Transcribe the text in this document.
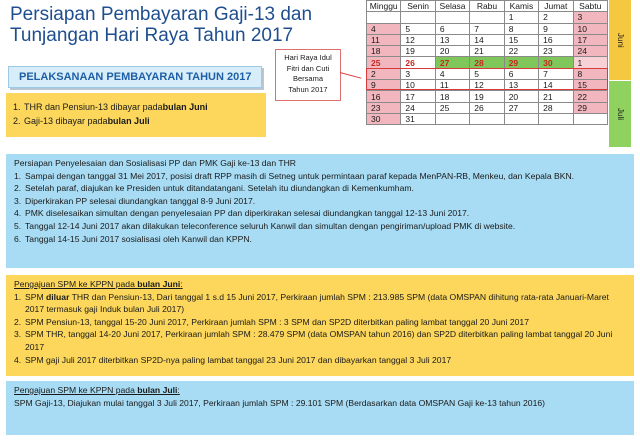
Persiapan Pembayaran Gaji-13 dan
Tunjangan Hari Raya Tahun 2017
PELAKSANAAN PEMBAYARAN TAHUN 2017
1. THR dan Pensiun-13 dibayar pada bulan Juni
2. Gaji-13 dibayar pada bulan Juli
Hari Raya Idul
Fitri dan Cuti
Bersama
Tahun 2017
Minggu	Senin	Selasa	Rabu	Kamis	Jumat	Sabtu
				1	2	3
4	5	6	7	8	9	10
11	12	13	14	15	16	17
18	19	20	21	22	23	24
25	26	27	28	29	30	1
2	3	4	5	6	7	8
9	10	11	12	13	14	15
16	17	18	19	20	21	22
23	24	25	26	27	28	29
30	31					
Juni
Juli

Persiapan Penyelesaian dan Sosialisasi PP dan PMK Gaji ke-13 dan THR

1. Sampai dengan tanggal 31 Mei 2017, posisi draft RPP masih di Setneg untuk permintaan paraf kepada MenPAN-RB, Menkeu, dan Kepala BKN.
2. Setelah paraf, diajukan ke Presiden untuk ditandatangani. Setelah itu diundangkan di Kemenkumham.
3. Diperkirakan PP selesai diundangkan tanggal 8-9 Juni 2017.
4. PMK diselesaikan simultan dengan penyelesaian PP dan diperkirakan selesai diundangkan tanggal 12-13 Juni 2017.
5. Tanggal 12-14 Juni 2017 akan dilakukan teleconference seluruh Kanwil dan simultan dengan pengiriman/upload PMK di website.
6. Tanggal 14-15 Juni 2017 sosialisasi oleh Kanwil dan KPPN.

Pengajuan SPM ke KPPN pada bulan Juni:

1. SPM diluar THR dan Pensiun-13, Dari tanggal 1 s.d 15 Juni 2017, Perkiraan jumlah SPM : 213.985 SPM (data OMSPAN dihitung rata-rata Januari-Maret 2017 termasuk gaji Induk bulan Juli 2017)
2. SPM Pensiun-13, tanggal 15-20 Juni 2017, Perkiraan jumlah SPM : 3 SPM dan SP2D diterbitkan paling lambat tanggal 20 Juni 2017
3. SPM THR, tanggal 14-20 Juni 2017, Perkiraan jumlah SPM : 28.479 SPM (data OMSPAN tahun 2016) dan SP2D diterbitkan paling lambat tanggal 20 Juni 2017
4. SPM gaji Juli 2017 diterbitkan SP2D-nya paling lambat tanggal 23 Juni 2017 dan dibayarkan tanggal 3 Juli 2017

Pengajuan SPM ke KPPN pada bulan Juli:

SPM Gaji-13, Diajukan mulai tanggal 3 Juli 2017, Perkiraan jumlah SPM : 29.101 SPM (Berdasarkan data OMSPAN Gaji ke-13 tahun 2016)
